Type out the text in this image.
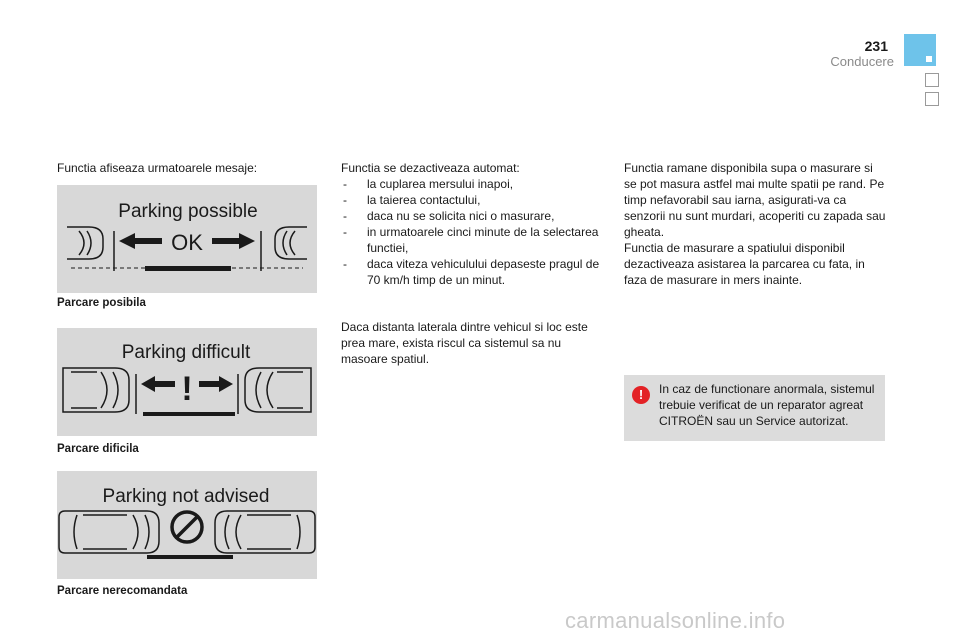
231
Conducere
Functia afiseaza urmatoarele mesaje:
Parking possible
OK
Parcare posibila
Parking difficult
!
Parcare dificila
Parking not advised
Parcare nerecomandata
Functia se dezactiveaza automat:
- la cuplarea mersului inapoi,
- la taierea contactului,
- daca nu se solicita nici o masurare,
- in urmatoarele cinci minute de la selectarea functiei,
- daca viteza vehiculului depaseste pragul de 70 km/h timp de un minut.
Daca distanta laterala dintre vehicul si loc este prea mare, exista riscul ca sistemul sa nu masoare spatiul.
Functia ramane disponibila supa o masurare si se pot masura astfel mai multe spatii pe rand. Pe timp nefavorabil sau iarna, asigurati-va ca senzorii nu sunt murdari, acoperiti cu zapada sau gheata.
Functia de masurare a spatiului disponibil dezactiveaza asistarea la parcarea cu fata, in faza de masurare in mers inainte.
!	In caz de functionare anormala, sistemul trebuie verificat de un reparator agreat CITROËN sau un Service autorizat.
carmanualsonline.info
